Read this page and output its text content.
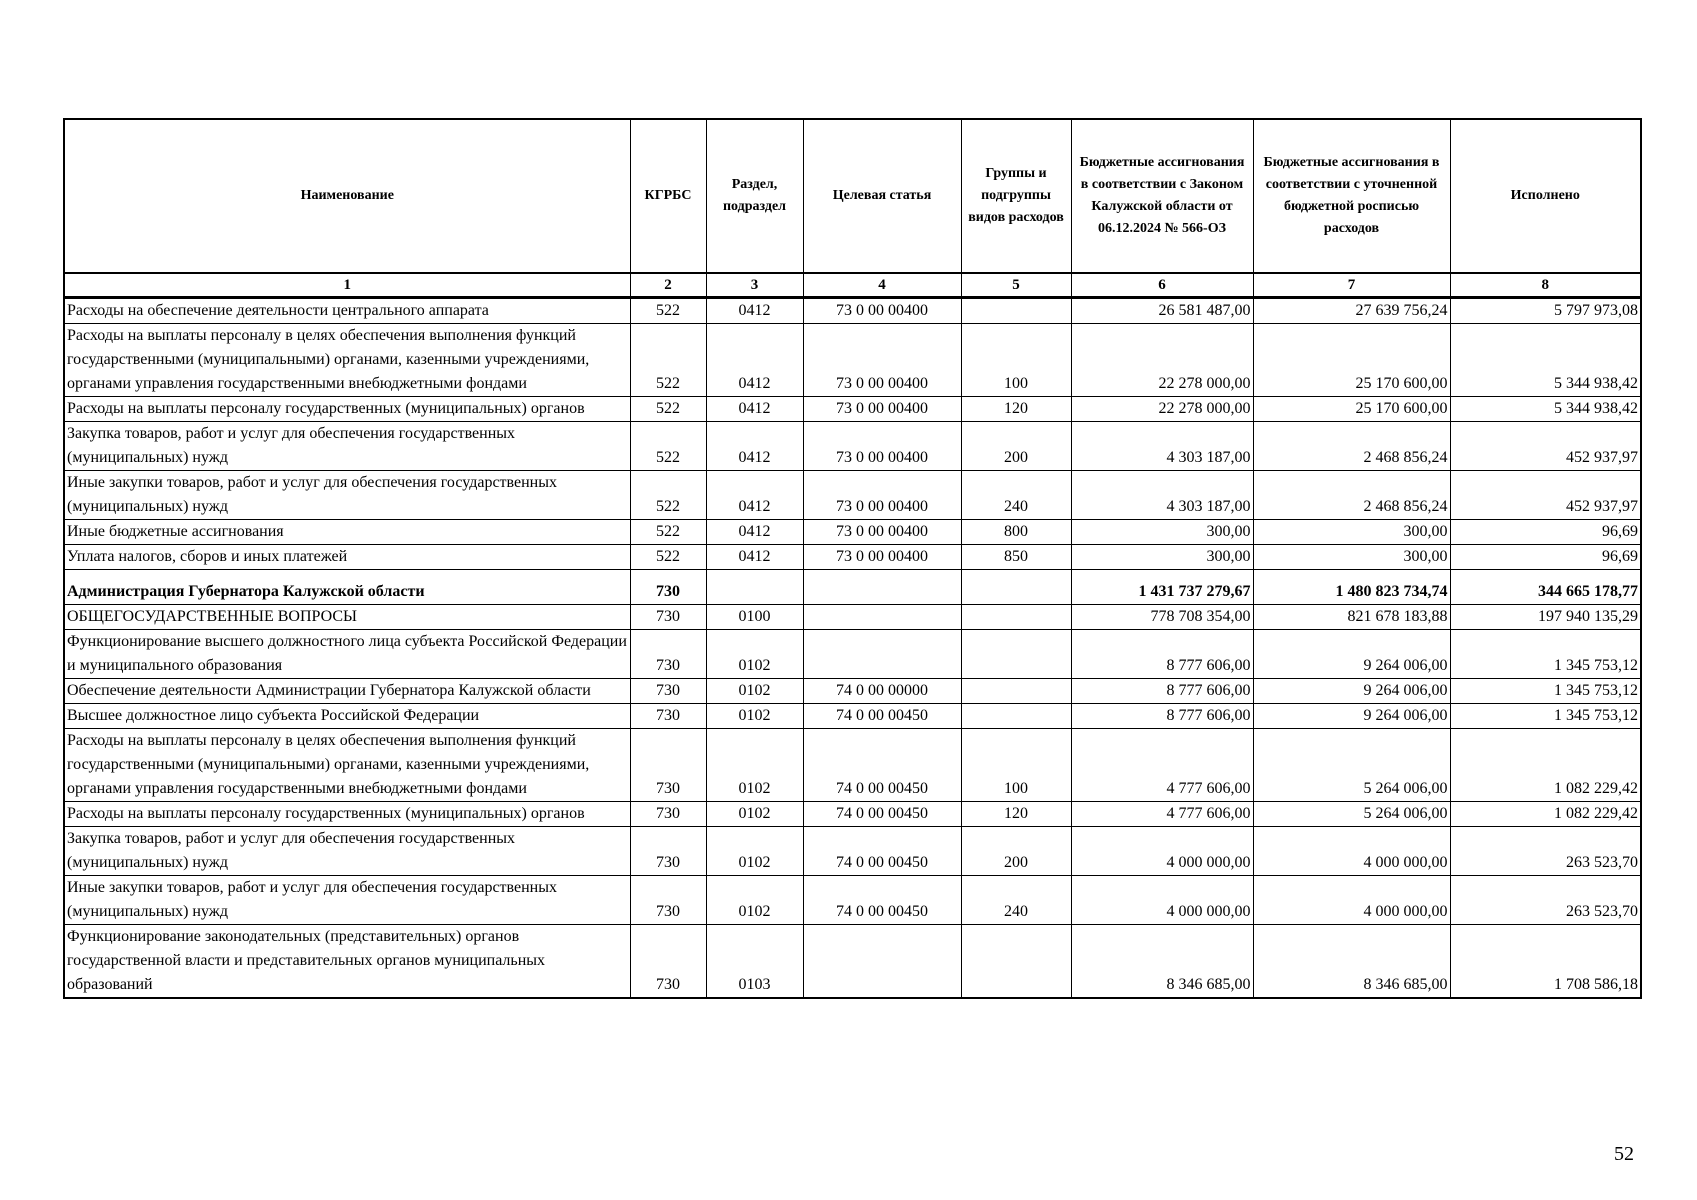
Наименование	КГРБС	Раздел, подраздел	Целевая статья	Группы и подгруппы видов расходов	Бюджетные ассигнования в соответствии с Законом Калужской области от 06.12.2024 № 566-ОЗ	Бюджетные ассигнования в соответствии с уточненной бюджетной росписью расходов	Исполнено
1	2	3	4	5	6	7	8
Расходы на обеспечение деятельности центрального аппарата	522	0412	73 0 00 00400		26 581 487,00	27 639 756,24	5 797 973,08
Расходы на выплаты персоналу в целях обеспечения выполнения функций государственными (муниципальными) органами, казенными учреждениями, органами управления государственными внебюджетными фондами	522	0412	73 0 00 00400	100	22 278 000,00	25 170 600,00	5 344 938,42
Расходы на выплаты персоналу государственных (муниципальных) органов	522	0412	73 0 00 00400	120	22 278 000,00	25 170 600,00	5 344 938,42
Закупка товаров, работ и услуг для обеспечения государственных (муниципальных) нужд	522	0412	73 0 00 00400	200	4 303 187,00	2 468 856,24	452 937,97
Иные закупки товаров, работ и услуг для обеспечения государственных (муниципальных) нужд	522	0412	73 0 00 00400	240	4 303 187,00	2 468 856,24	452 937,97
Иные бюджетные ассигнования	522	0412	73 0 00 00400	800	300,00	300,00	96,69
Уплата налогов, сборов и иных платежей	522	0412	73 0 00 00400	850	300,00	300,00	96,69
Администрация Губернатора Калужской области	730				1 431 737 279,67	1 480 823 734,74	344 665 178,77
ОБЩЕГОСУДАРСТВЕННЫЕ ВОПРОСЫ	730	0100			778 708 354,00	821 678 183,88	197 940 135,29
Функционирование высшего должностного лица субъекта Российской Федерации и муниципального образования	730	0102			8 777 606,00	9 264 006,00	1 345 753,12
Обеспечение деятельности Администрации Губернатора Калужской области	730	0102	74 0 00 00000		8 777 606,00	9 264 006,00	1 345 753,12
Высшее должностное лицо субъекта Российской Федерации	730	0102	74 0 00 00450		8 777 606,00	9 264 006,00	1 345 753,12
Расходы на выплаты персоналу в целях обеспечения выполнения функций государственными (муниципальными) органами, казенными учреждениями, органами управления государственными внебюджетными фондами	730	0102	74 0 00 00450	100	4 777 606,00	5 264 006,00	1 082 229,42
Расходы на выплаты персоналу государственных (муниципальных) органов	730	0102	74 0 00 00450	120	4 777 606,00	5 264 006,00	1 082 229,42
Закупка товаров, работ и услуг для обеспечения государственных (муниципальных) нужд	730	0102	74 0 00 00450	200	4 000 000,00	4 000 000,00	263 523,70
Иные закупки товаров, работ и услуг для обеспечения государственных (муниципальных) нужд	730	0102	74 0 00 00450	240	4 000 000,00	4 000 000,00	263 523,70
Функционирование законодательных (представительных) органов государственной власти и представительных органов муниципальных образований	730	0103			8 346 685,00	8 346 685,00	1 708 586,18
52
